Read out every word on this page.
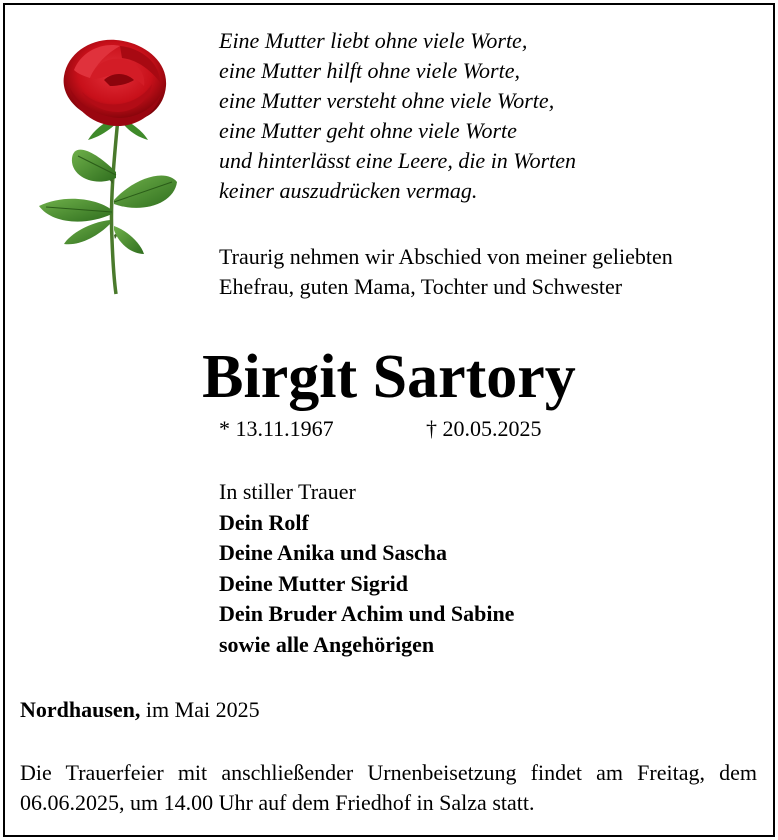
Eine Mutter liebt ohne viele Worte,
eine Mutter hilft ohne viele Worte,
eine Mutter versteht ohne viele Worte,
eine Mutter geht ohne viele Worte
und hinterlässt eine Leere, die in Worten
keiner auszudrücken vermag.
Traurig nehmen wir Abschied von meiner geliebten
Ehefrau, guten Mama, Tochter und Schwester
Birgit Sartory
* 13.11.1967	† 20.05.2025
In stiller Trauer
Dein Rolf
Deine Anika und Sascha
Deine Mutter Sigrid
Dein Bruder Achim und Sabine
sowie alle Angehörigen
Nordhausen, im Mai 2025
Die Trauerfeier mit anschließender Urnenbeisetzung findet am Freitag, dem 06.06.2025, um 14.00 Uhr auf dem Friedhof in Salza statt.
